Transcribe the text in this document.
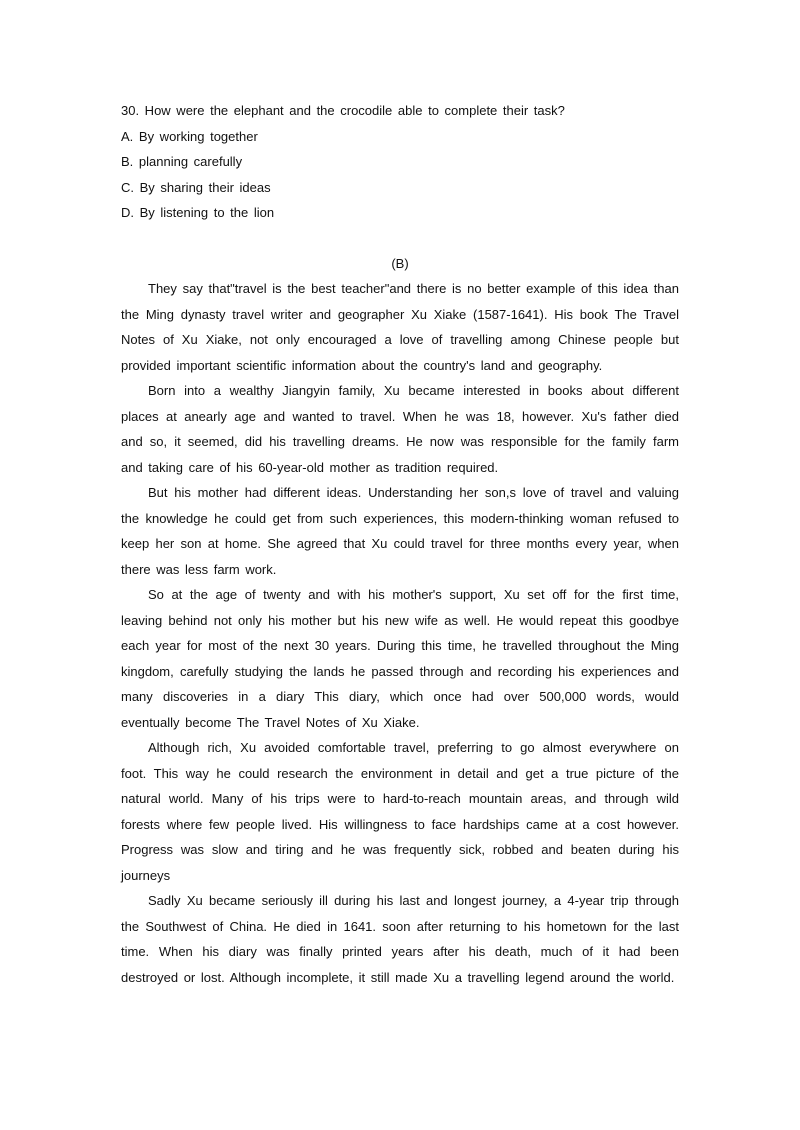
30. How were the elephant and the crocodile able to complete their task?
A. By working together
B. planning carefully
C. By sharing their ideas
D. By listening to the lion
(B)

They say that"travel is the best teacher"and there is no better example of this idea than the Ming dynasty travel writer and geographer Xu Xiake (1587-1641). His book The Travel Notes of Xu Xiake, not only encouraged a love of travelling among Chinese people but provided important scientific information about the country's land and geography.

Born into a wealthy Jiangyin family, Xu became interested in books about different places at anearly age and wanted to travel. When he was 18, however. Xu's father died and so, it seemed, did his travelling dreams. He now was responsible for the family farm and taking care of his 60-year-old mother as tradition required.

But his mother had different ideas. Understanding her son,s love of travel and valuing the knowledge he could get from such experiences, this modern-thinking woman refused to keep her son at home. She agreed that Xu could travel for three months every year, when there was less farm work.

So at the age of twenty and with his mother's support, Xu set off for the first time, leaving behind not only his mother but his new wife as well. He would repeat this goodbye each year for most of the next 30 years. During this time, he travelled throughout the Ming kingdom, carefully studying the lands he passed through and recording his experiences and many discoveries in a diary This diary, which once had over 500,000 words, would eventually become The Travel Notes of Xu Xiake.

Although rich, Xu avoided comfortable travel, preferring to go almost everywhere on foot. This way he could research the environment in detail and get a true picture of the natural world. Many of his trips were to hard-to-reach mountain areas, and through wild forests where few people lived. His willingness to face hardships came at a cost however. Progress was slow and tiring and he was frequently sick, robbed and beaten during his journeys

Sadly Xu became seriously ill during his last and longest journey, a 4-year trip through the Southwest of China. He died in 1641. soon after returning to his hometown for the last time. When his diary was finally printed years after his death, much of it had been destroyed or lost. Although incomplete, it still made Xu a travelling legend around the world.
